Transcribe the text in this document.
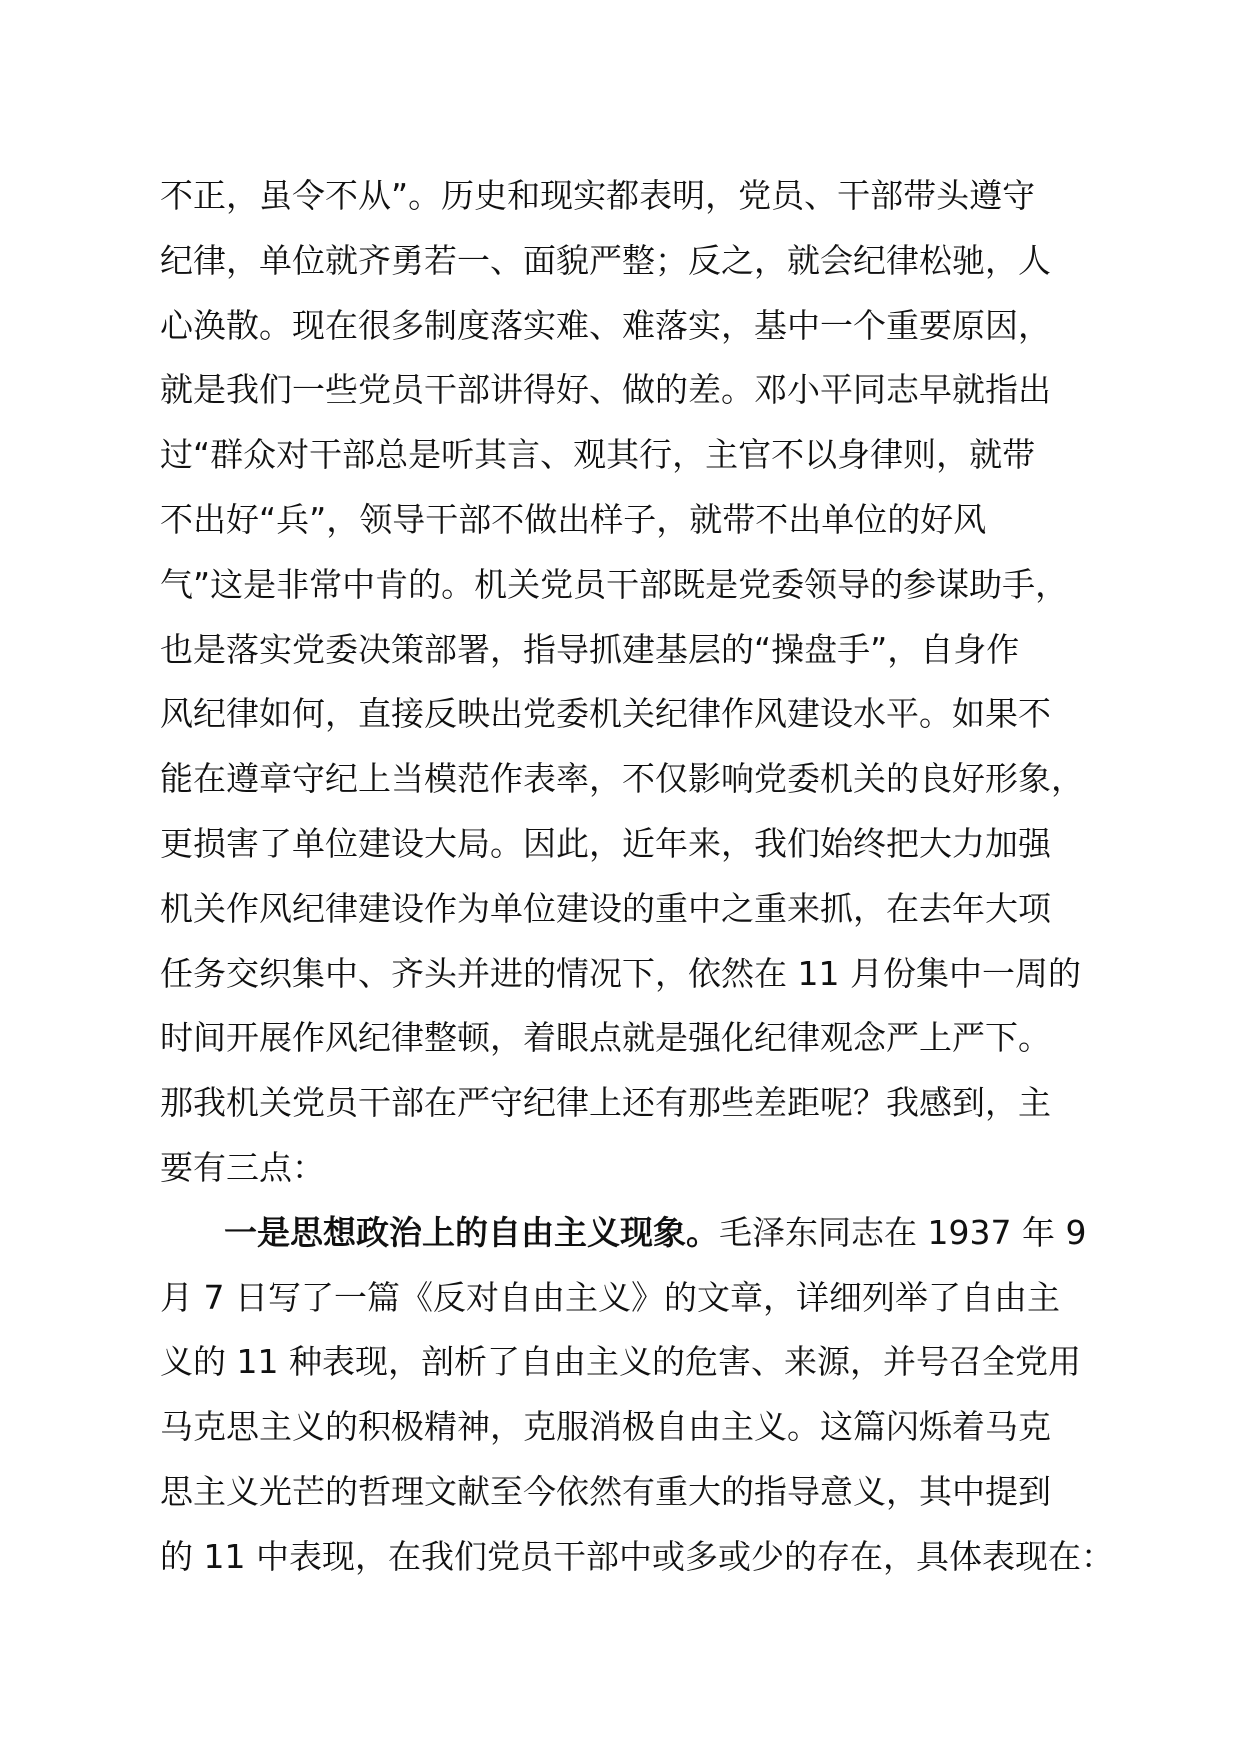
不正，虽令不从”。历史和现实都表明，党员、干部带头遵守
纪律，单位就齐勇若一、面貌严整；反之，就会纪律松驰，人
心涣散。现在很多制度落实难、难落实，基中一个重要原因，
就是我们一些党员干部讲得好、做的差。邓小平同志早就指出
过“群众对干部总是听其言、观其行，主官不以身律则，就带
不出好“兵”，领导干部不做出样子，就带不出单位的好风
气”这是非常中肯的。机关党员干部既是党委领导的参谋助手，
也是落实党委决策部署，指导抓建基层的“操盘手”，自身作
风纪律如何，直接反映出党委机关纪律作风建设水平。如果不
能在遵章守纪上当模范作表率，不仅影响党委机关的良好形象，
更损害了单位建设大局。因此，近年来，我们始终把大力加强
机关作风纪律建设作为单位建设的重中之重来抓，在去年大项
任务交织集中、齐头并进的情况下，依然在 11 月份集中一周的
时间开展作风纪律整顿，着眼点就是强化纪律观念严上严下。
那我机关党员干部在严守纪律上还有那些差距呢？我感到，主
要有三点：
一是思想政治上的自由主义现象。毛泽东同志在 1937 年 9
月 7 日写了一篇《反对自由主义》的文章，详细列举了自由主
义的 11 种表现，剖析了自由主义的危害、来源，并号召全党用
马克思主义的积极精神，克服消极自由主义。这篇闪烁着马克
思主义光芒的哲理文献至今依然有重大的指导意义，其中提到
的 11 中表现，在我们党员干部中或多或少的存在，具体表现在：
